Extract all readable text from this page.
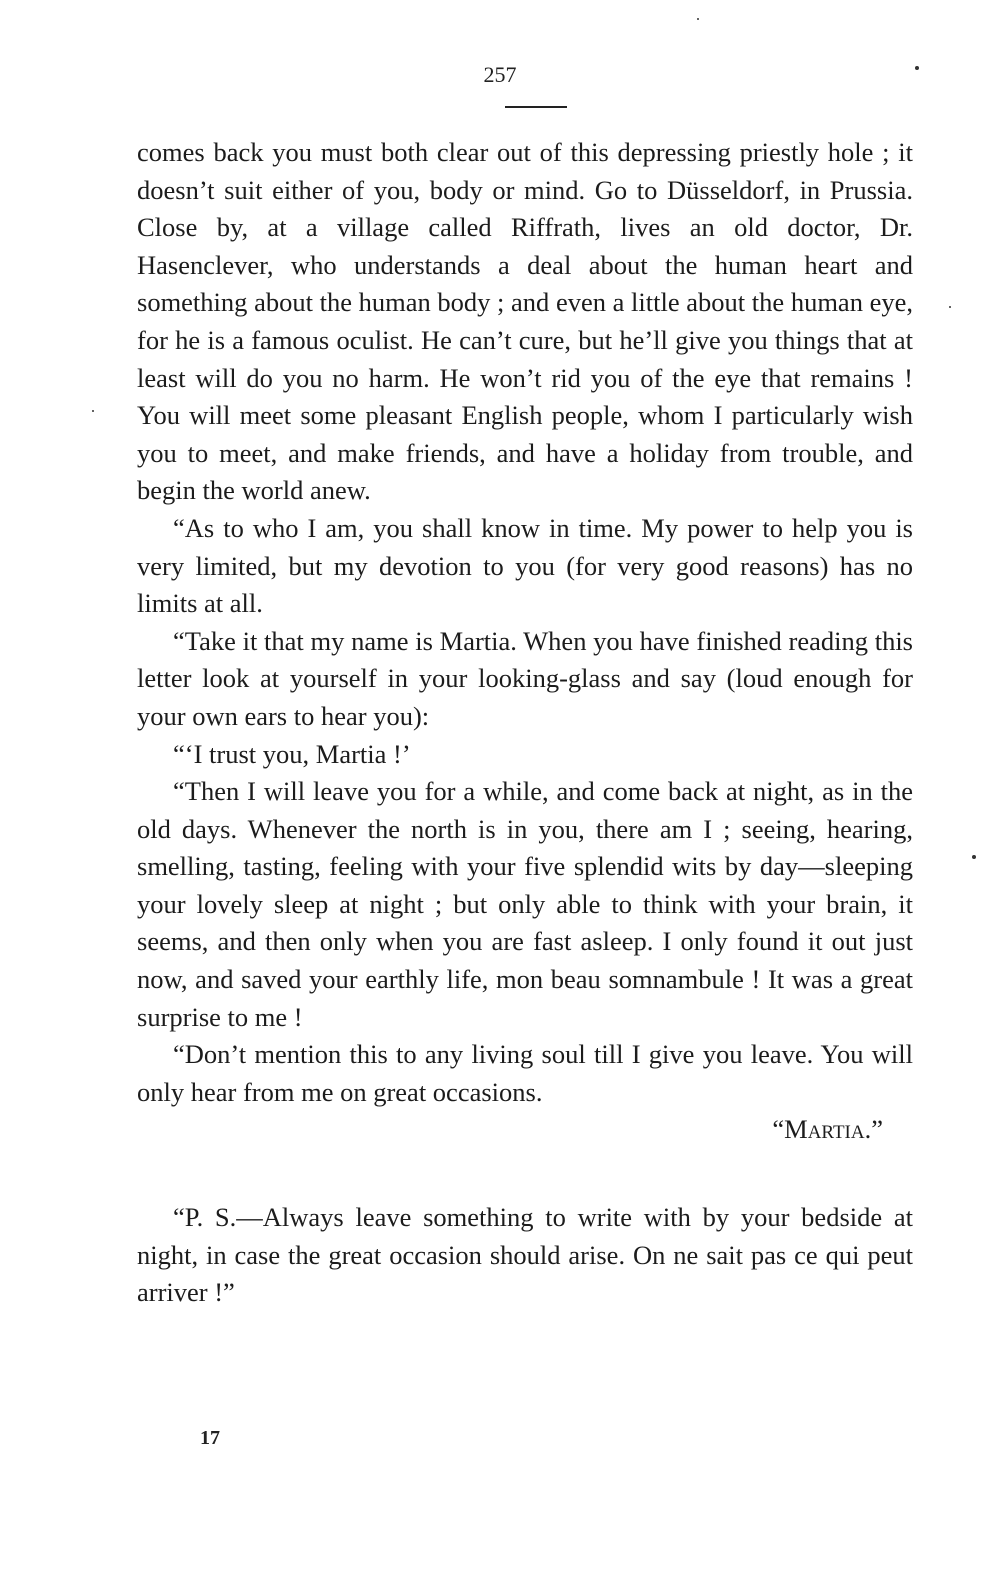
257

comes back you must both clear out of this depressing priestly hole ; it doesn’t suit either of you, body or mind. Go to Düsseldorf, in Prussia. Close by, at a village called Riffrath, lives an old doctor, Dr. Hasenclever, who understands a deal about the human heart and something about the human body ; and even a little about the human eye, for he is a famous oculist. He can’t cure, but he’ll give you things that at least will do you no harm. He won’t rid you of the eye that remains ! You will meet some pleasant English people, whom I particularly wish you to meet, and make friends, and have a holiday from trouble, and begin the world anew.

“As to who I am, you shall know in time. My power to help you is very limited, but my devotion to you (for very good reasons) has no limits at all.

“Take it that my name is Martia. When you have finished reading this letter look at yourself in your looking-glass and say (loud enough for your own ears to hear you):

“‘I trust you, Martia !’

“Then I will leave you for a while, and come back at night, as in the old days. Whenever the north is in you, there am I ; seeing, hearing, smelling, tasting, feeling with your five splendid wits by day—sleeping your lovely sleep at night ; but only able to think with your brain, it seems, and then only when you are fast asleep. I only found it out just now, and saved your earthly life, mon beau somnambule ! It was a great surprise to me !

“Don’t mention this to any living soul till I give you leave. You will only hear from me on great occasions.

“Martia.”

“P. S.—Always leave something to write with by your bedside at night, in case the great occasion should arise. On ne sait pas ce qui peut arriver !”

17
